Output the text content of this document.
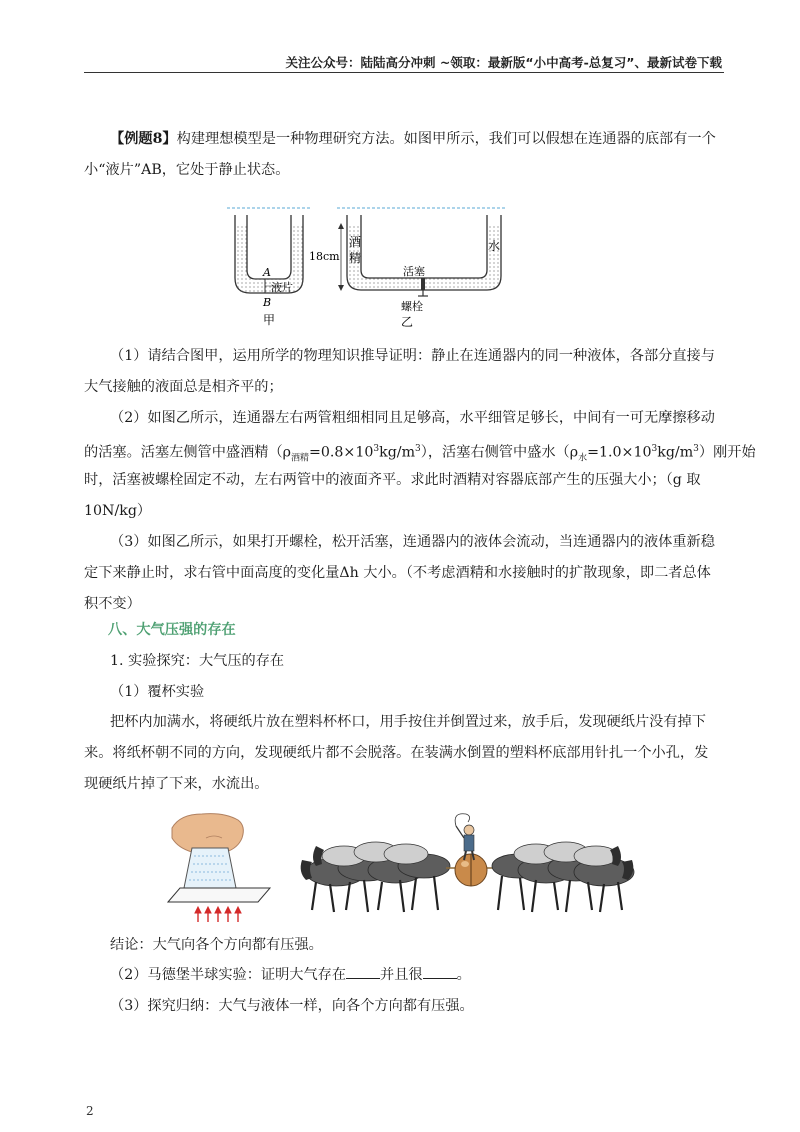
关注公众号：陆陆高分冲刺 ~领取：最新版“小中高考-总复习”、最新试卷下载
【例题8】构建理想模型是一种物理研究方法。如图甲所示，我们可以假想在连通器的底部有一个
小“液片”AB，它处于静止状态。
A
液片
B
甲
18cm
酒
精
水
活塞
螺栓
乙
（1）请结合图甲，运用所学的物理知识推导证明：静止在连通器内的同一种液体，各部分直接与
大气接触的液面总是相齐平的；
（2）如图乙所示，连通器左右两管粗细相同且足够高，水平细管足够长，中间有一可无摩擦移动
的活塞。活塞左侧管中盛酒精$(\rho_{酒精}=0.8\times 10^3kg/m^3)$，活塞右侧管中盛水$(\rho_水=1.0\times 10^3kg/m^3)$刚开始
时，活塞被螺栓固定不动，左右两管中的液面齐平。求此时酒精对容器底部产生的压强大小；（g 取
10N/kg）
（3）如图乙所示，如果打开螺栓，松开活塞，连通器内的液体会流动，当连通器内的液体重新稳
定下来静止时，求右管中面高度的变化量Δh 大小。（不考虑酒精和水接触时的扩散现象，即二者总体
积不变）
八、大气压强的存在
1. 实验探究：大气压的存在
（1）覆杯实验
把杯内加满水，将硬纸片放在塑料杯杯口，用手按住并倒置过来，放手后，发现硬纸片没有掉下
来。将纸杯朝不同的方向，发现硬纸片都不会脱落。在装满水倒置的塑料杯底部用针扎一个小孔，发
现硬纸片掉了下来，水流出。
结论：大气向各个方向都有压强。
（2）马德堡半球实验：证明大气存在 并且很 。
（3）探究归纳：大气与液体一样，向各个方向都有压强。
2
